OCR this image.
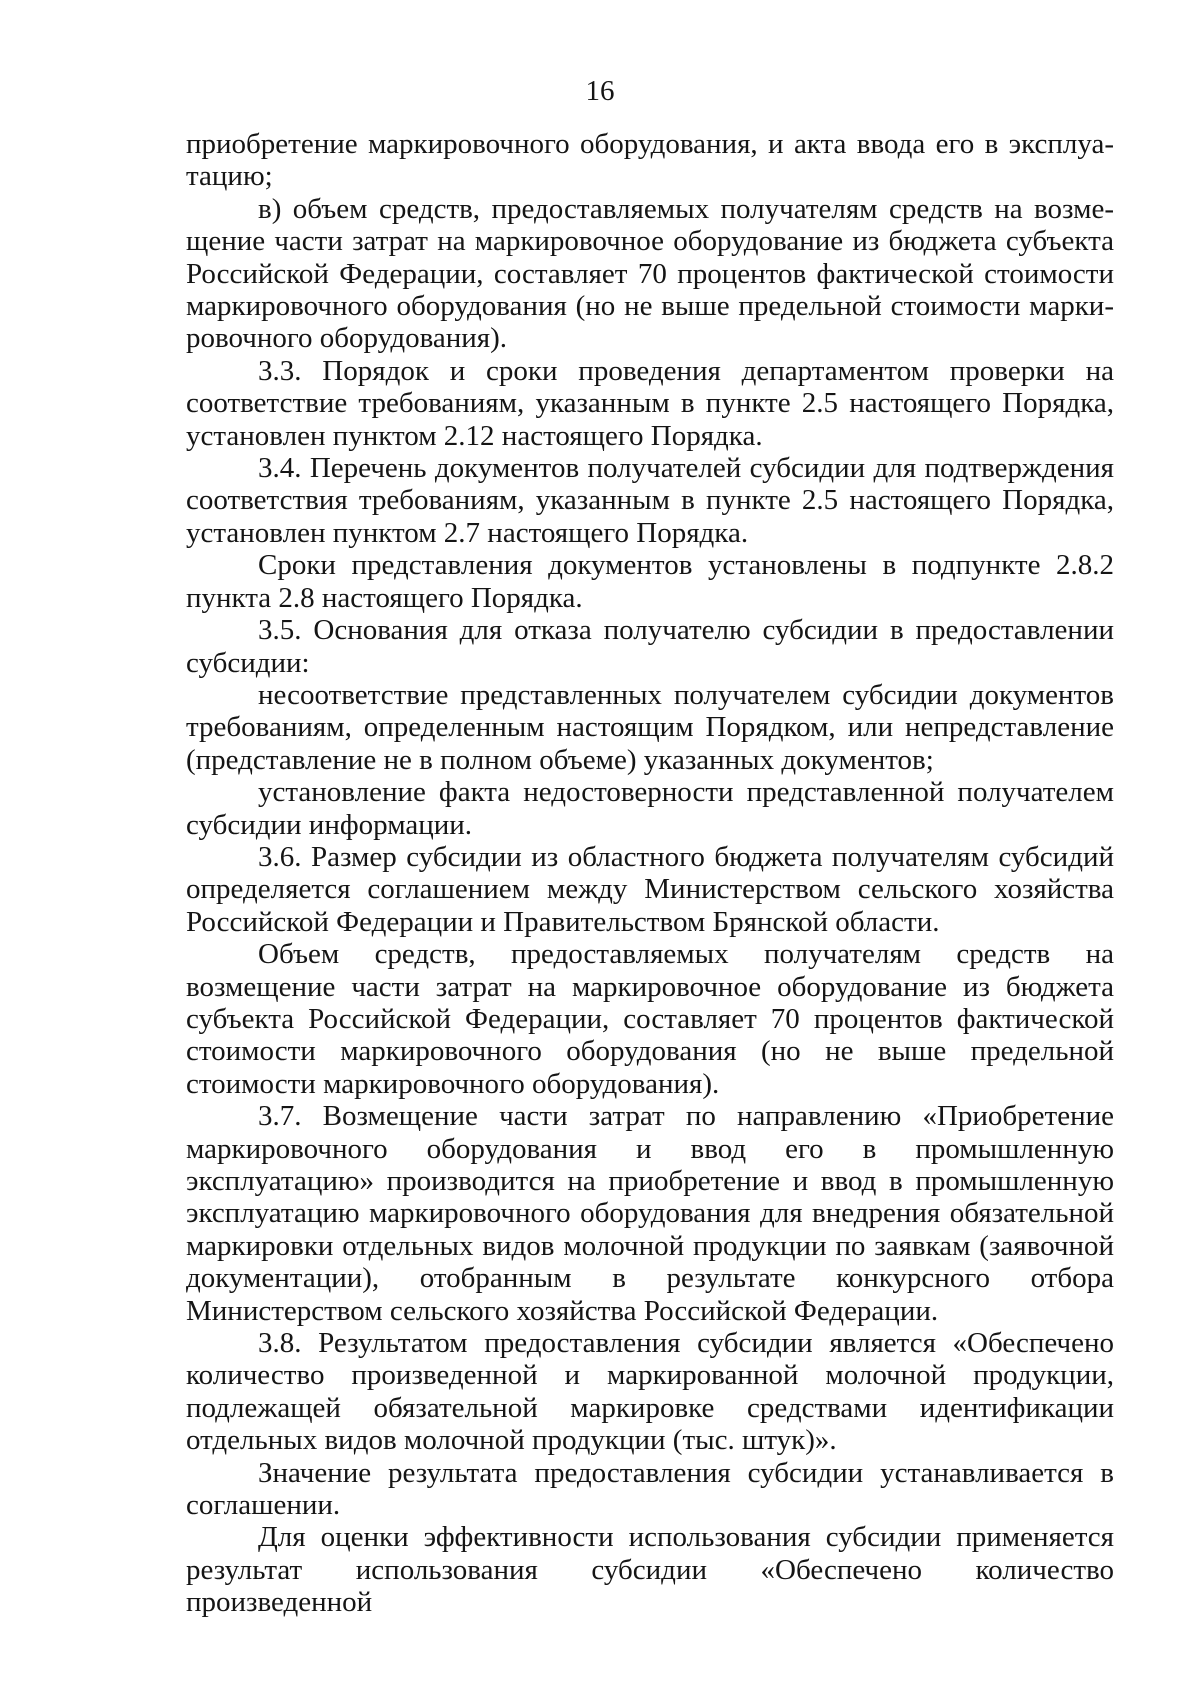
16

приобретение маркировочного оборудования, и акта ввода его в эксплуатацию;

в) объем средств, предоставляемых получателям средств на возмещение части затрат на маркировочное оборудование из бюджета субъекта Российской Федерации, составляет 70 процентов фактической стоимости маркировочного оборудования (но не выше предельной стоимости маркировочного оборудования).

3.3. Порядок и сроки проведения департаментом проверки на соответствие требованиям, указанным в пункте 2.5 настоящего Порядка, установлен пунктом 2.12 настоящего Порядка.

3.4. Перечень документов получателей субсидии для подтверждения соответствия требованиям, указанным в пункте 2.5 настоящего Порядка, установлен пунктом 2.7 настоящего Порядка.

Сроки представления документов установлены в подпункте 2.8.2 пункта 2.8 настоящего Порядка.

3.5. Основания для отказа получателю субсидии в предоставлении субсидии:

несоответствие представленных получателем субсидии документов требованиям, определенным настоящим Порядком, или непредставление (представление не в полном объеме) указанных документов;

установление факта недостоверности представленной получателем субсидии информации.

3.6. Размер субсидии из областного бюджета получателям субсидий определяется соглашением между Министерством сельского хозяйства Российской Федерации и Правительством Брянской области.

Объем средств, предоставляемых получателям средств на возмещение части затрат на маркировочное оборудование из бюджета субъекта Российской Федерации, составляет 70 процентов фактической стоимости маркировочного оборудования (но не выше предельной стоимости маркировочного оборудования).

3.7. Возмещение части затрат по направлению «Приобретение маркировочного оборудования и ввод его в промышленную эксплуатацию» производится на приобретение и ввод в промышленную эксплуатацию маркировочного оборудования для внедрения обязательной маркировки отдельных видов молочной продукции по заявкам (заявочной документации), отобранным в результате конкурсного отбора Министерством сельского хозяйства Российской Федерации.

3.8. Результатом предоставления субсидии является «Обеспечено количество произведенной и маркированной молочной продукции, подлежащей обязательной маркировке средствами идентификации отдельных видов молочной продукции (тыс. штук)».

Значение результата предоставления субсидии устанавливается в соглашении.

Для оценки эффективности использования субсидии применяется результат использования субсидии «Обеспечено количество произведенной
